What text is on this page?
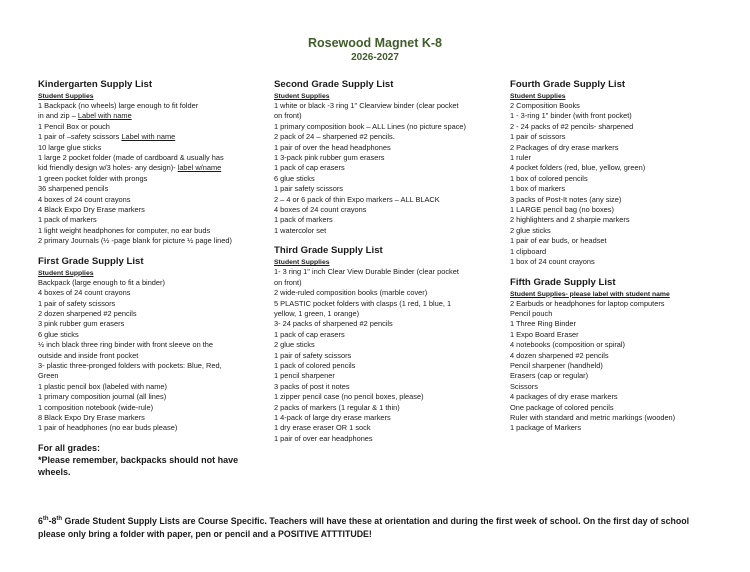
Rosewood Magnet K-8
2026-2027
Kindergarten Supply List
Student Supplies
1 Backpack (no wheels) large enough to fit folder
in and zip – Label with name
1 Pencil Box or pouch
1 pair of –safety scissors Label with name
10 large glue sticks
1 large 2 pocket folder (made of cardboard & usually has
kid friendly design w/3 holes- any design)- label w/name
1 green pocket folder with prongs
36 sharpened pencils
4 boxes of 24 count crayons
4 Black Expo Dry Erase markers
1 pack of markers
1 light weight headphones for computer, no ear buds
2 primary Journals (½ -page blank for picture ½ page lined)
First Grade Supply List
Student Supplies
Backpack (large enough to fit a binder)
4 boxes of 24 count crayons
1 pair of safety scissors
2 dozen sharpened #2 pencils
3 pink rubber gum erasers
6 glue sticks
½ inch black three ring binder with front sleeve on the
outside and inside front pocket
3- plastic three-pronged folders with pockets: Blue, Red,
Green
1 plastic pencil box (labeled with name)
1 primary composition journal (all lines)
1 composition notebook (wide-rule)
8 Black Expo Dry Erase markers
1 pair of headphones (no ear buds please)
For all grades:
*Please remember, backpacks should not have
wheels.
Second Grade Supply List
Student Supplies
1 white or black -3 ring 1" Clearview binder (clear pocket
on front)
1 primary composition book – ALL Lines (no picture space)
2 pack of 24 – sharpened #2 pencils.
1 pair of over the head headphones
1 3-pack pink rubber gum erasers
1 pack of cap erasers
6 glue sticks
1 pair safety scissors
2 – 4 or 6 pack of thin Expo markers – ALL BLACK
4 boxes of 24 count crayons
1 pack of markers
1 watercolor set
Third Grade Supply List
Student Supplies
1- 3 ring 1" inch Clear View Durable Binder (clear pocket
on front)
2 wide-ruled composition books (marble cover)
5 PLASTIC pocket folders with clasps (1 red, 1 blue, 1
yellow, 1 green, 1 orange)
3- 24 packs of sharpened #2 pencils
1 pack of cap erasers
2 glue sticks
1 pair of safety scissors
1 pack of colored pencils
1 pencil sharpener
3 packs of post it notes
1 zipper pencil case (no pencil boxes, please)
2 packs of markers (1 regular & 1 thin)
1 4-pack of large dry erase markers
1 dry erase eraser OR 1 sock
1 pair of over ear headphones
Fourth Grade Supply List
Student Supplies
2 Composition Books
1 - 3-ring 1" binder (with front pocket)
2 - 24 packs of #2 pencils- sharpened
1 pair of scissors
2 Packages of dry erase markers
1 ruler
4 pocket folders (red, blue, yellow, green)
1 box of colored pencils
1 box of markers
3 packs of Post-It notes (any size)
1 LARGE pencil bag (no boxes)
2 highlighters and 2 sharpie markers
2 glue sticks
1 pair of ear buds, or headset
1 clipboard
1 box of 24 count crayons
Fifth Grade Supply List
Student Supplies- please label with student name
2 Earbuds or headphones for laptop computers
Pencil pouch
1 Three Ring Binder
1 Expo Board Eraser
4 notebooks (composition or spiral)
4 dozen sharpened #2 pencils
Pencil sharpener (handheld)
Erasers (cap or regular)
Scissors
4 packages of dry erase markers
One package of colored pencils
Ruler with standard and metric markings (wooden)
1 package of Markers
6th-8th Grade Student Supply Lists are Course Specific. Teachers will have these at orientation and during the first week of school. On the first day of school please only bring a folder with paper, pen or pencil and a POSITIVE ATTTITUDE!
